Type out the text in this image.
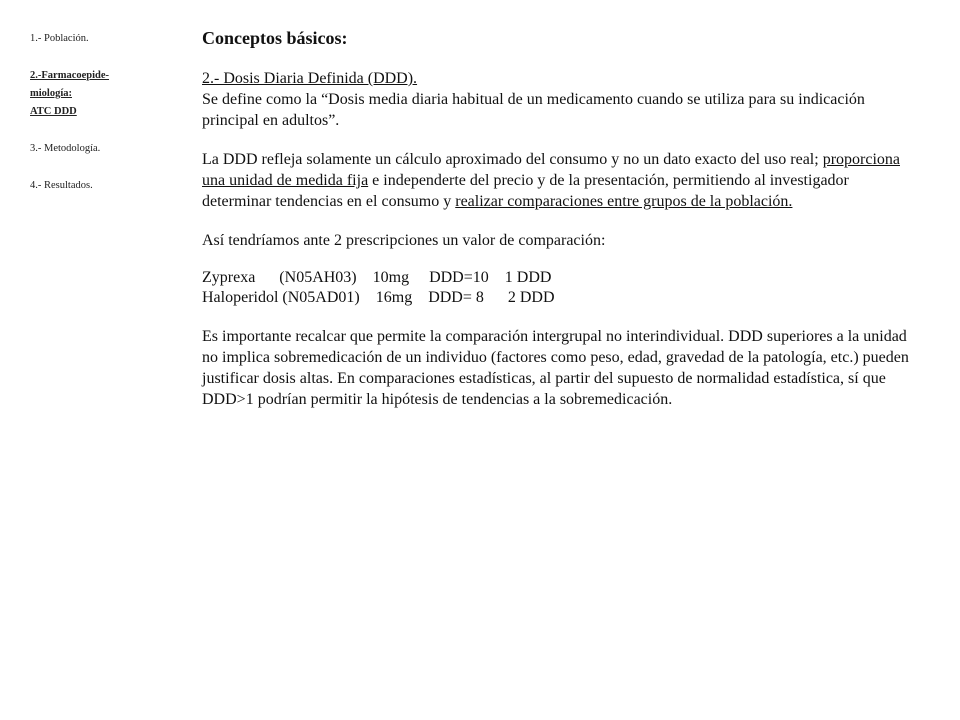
1.- Población.
2.-Farmacoepide-
miología:
ATC DDD
3.- Metodología.
4.- Resultados.
Conceptos básicos:
2.- Dosis Diaria Definida (DDD).

Se define como la “Dosis media diaria habitual de un medicamento cuando se utiliza para su indicación principal en adultos”.

La DDD refleja solamente un cálculo aproximado del consumo y no un dato exacto del uso real; proporciona una unidad de medida fija e independerte del precio y de la presentación, permitiendo al investigador determinar tendencias en el consumo y realizar comparaciones entre grupos de la población.

Así tendríamos ante 2 prescripciones un valor de comparación:

Zyprexa      (N05AH03)    10mg     DDD=10    1 DDD
Haloperidol (N05AD01)    16mg    DDD= 8      2 DDD

Es importante recalcar que permite la comparación intergrupal no interindividual. DDD superiores a la unidad no implica sobremedicación de un individuo (factores como peso, edad, gravedad de la patología, etc.) pueden justificar dosis altas. En comparaciones estadísticas, al partir del supuesto de normalidad estadística, sí que DDD>1 podrían permitir la hipótesis de tendencias a la sobremedicación.
